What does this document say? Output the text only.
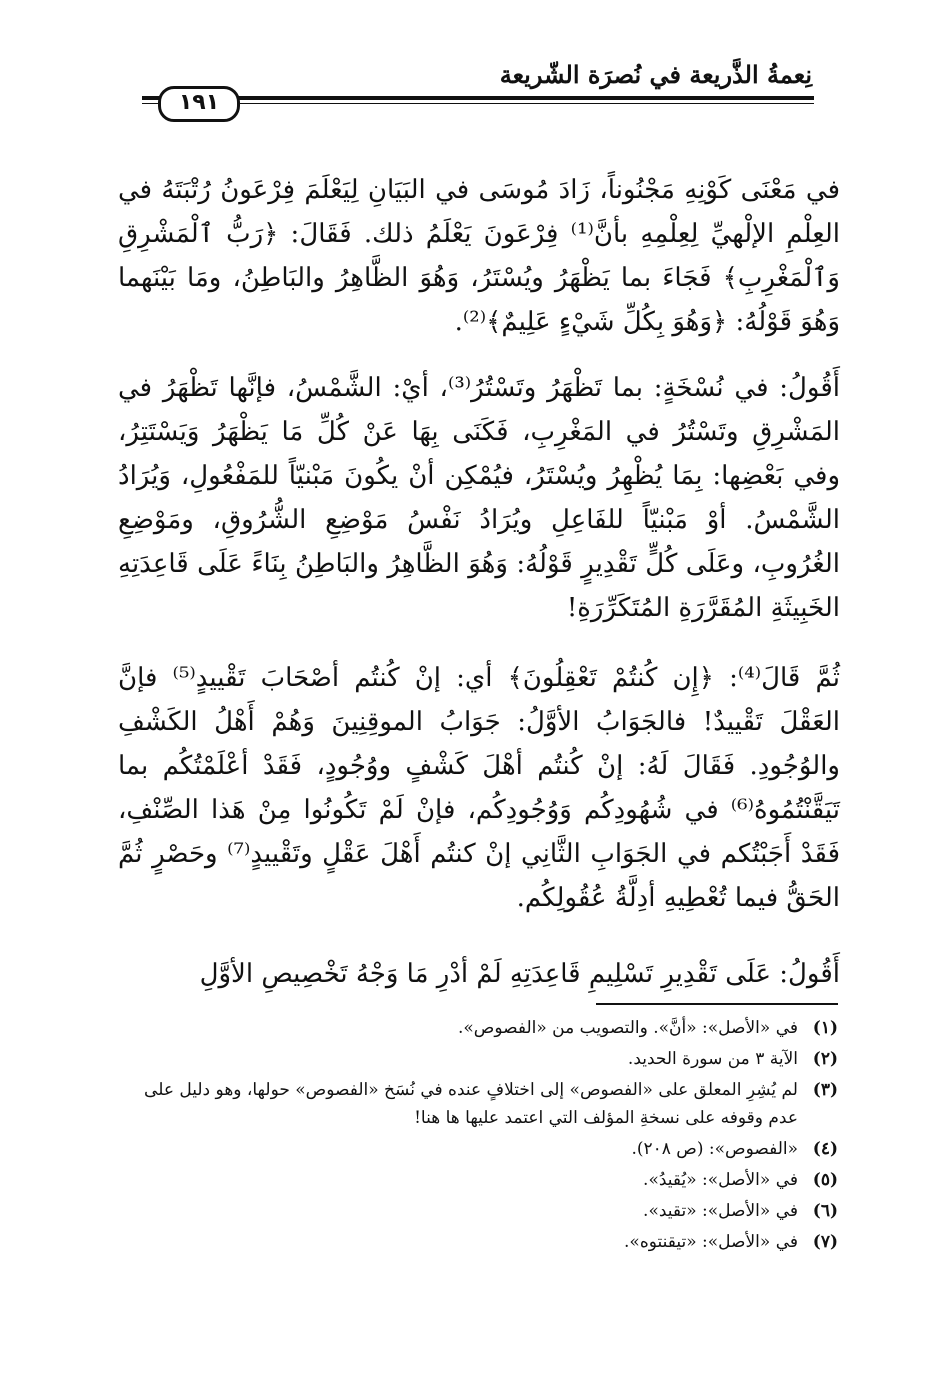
نِعمةُ الذَّريعة في نُصرَة الشّريعة
١٩١

في مَعْنَى كَوْنِهِ مَجْنُوناً، زَادَ مُوسَى في البَيَانِ لِيَعْلَمَ فِرْعَونُ رُتْبَتَهُ في العِلْمِ الإلْهيِّ لِعِلْمِهِ بأنَّ⁽¹⁾ فِرْعَونَ يَعْلَمُ ذلك. فَقَالَ: ﴿رَبُّ ٱلْمَشْرِقِ وَٱلْمَغْرِبِ﴾ فَجَاءَ بما يَظْهَرُ ويُسْتَرُ، وَهُوَ الظَّاهِرُ والبَاطِنُ، ومَا بَيْنَهما وَهُوَ قَوْلُهُ: ﴿وَهُوَ بِكُلِّ شَيْءٍ عَلِيمٌ﴾⁽²⁾.

أَقُولُ: في نُسْخَةٍ: بما تَظْهَرُ وتَسْتُرُ⁽³⁾، أيْ: الشَّمْسُ، فإنَّها تَظْهَرُ في المَشْرِقِ وتَسْتُرُ في المَغْرِبِ، فَكَنَى بِهَا عَنْ كُلِّ مَا يَظْهَرُ وَيَسْتَتِرُ، وفي بَعْضِها: بِمَا يُظْهِرُ ويُسْتَرُ، فيُمْكِن أنْ يكُونَ مَبْنيّاً للمَفْعُولِ، وَيُرَادُ الشَّمْسُ. أوْ مَبْنيّاً للفَاعِلِ ويُرَادُ نَفْسُ مَوْضِعِ الشُّرُوقِ، ومَوْضِعِ الغُرُوبِ، وعَلَى كُلٍّ تَقْدِيرٍ قَوْلُهُ: وَهُوَ الظَّاهِرُ والبَاطِنُ بِنَاءً عَلَى قَاعِدَتِهِ الخَبِيثَةِ المُقَرَّرَةِ المُتَكَرِّرَةِ!

ثُمَّ قَالَ⁽⁴⁾: ﴿إِن كُنتُمْ تَعْقِلُونَ﴾ أي: إنْ كُنتُم أصْحَابَ تَقْييدٍ⁽⁵⁾ فإنَّ العَقْلَ تَقْييدٌ! فالجَوَابُ الأوَّلُ: جَوَابُ الموقِنِينَ وَهُمْ أَهْلُ الكَشْفِ والوُجُودِ. فَقَالَ لَهُ: إنْ كُنتُم أهْلَ كَشْفٍ ووُجُودٍ، فَقَدْ أعْلَمْتُكُم بما تَيَقَّنْتُمُوهُ⁽⁶⁾ في شُهُودِكُم وَوُجُودِكُم، فإنْ لَمْ تَكُونُوا مِنْ هَذا الصِّنْفِ، فَقَدْ أَجَبْتُكم في الجَوَابِ الثَّانِي إنْ كنتُم أَهْلَ عَقْلٍ وتَقْييدٍ⁽⁷⁾ وحَصْرٍ ثُمَّ الحَقُّ فيما تُعْطِيهِ أدِلَّةُ عُقُولِكُم.

أَقُولُ: عَلَى تَقْدِيرِ تَسْلِيمِ قَاعِدَتِهِ لَمْ أدْرِ مَا وَجْهُ تَخْصِيصِ الأوَّلِ

(١)
في «الأصل»: «أنَّ». والتصويب من «الفصوص».
(٢)
الآية ٣ من سورة الحديد.
(٣)
لم يُشِرِ المعلق على «الفصوص» إلى اختلافٍ عنده في نُسَخ «الفصوص» حولها، وهو دليل على عدم وقوفه على نسخةِ المؤلف التي اعتمد عليها ها هنا!
(٤)
«الفصوص»: (ص ٢٠٨).
(٥)
في «الأصل»: «يُقيدُ».
(٦)
في «الأصل»: «تقيد».
(٧)
في «الأصل»: «تيقنتوه».
